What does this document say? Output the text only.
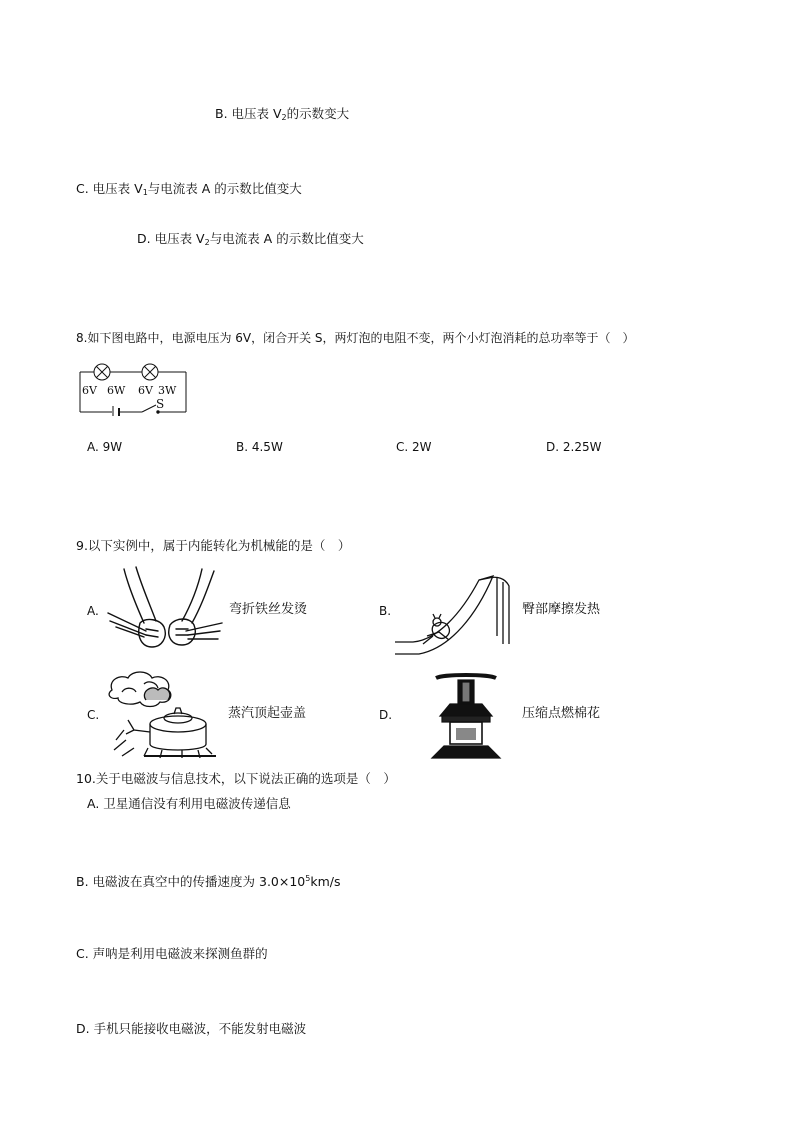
B. 电压表 $V_2$的示数变大
C. 电压表 $V_1$与电流表 A 的示数比值变大
D. 电压表 $V_2$与电流表 A 的示数比值变大
8.如下图电路中，电源电压为 6V，闭合开关 S，两灯泡的电阻不变，两个小灯泡消耗的总功率等于（　）
6V 6W 6V 3W
S
A. 9W	B. 4.5W	C. 2W	D. 2.25W
9.以下实例中，属于内能转化为机械能的是（　）
A.	弯折铁丝发烫	B.	臀部摩擦发热
C.	蒸汽顶起壶盖	D.	压缩点燃棉花
10.关于电磁波与信息技术，以下说法正确的选项是（　）
A. 卫星通信没有利用电磁波传递信息
B. 电磁波在真空中的传播速度为 $3.0\times 10^5km/s$
C. 声呐是利用电磁波来探测鱼群的
D. 手机只能接收电磁波，不能发射电磁波
